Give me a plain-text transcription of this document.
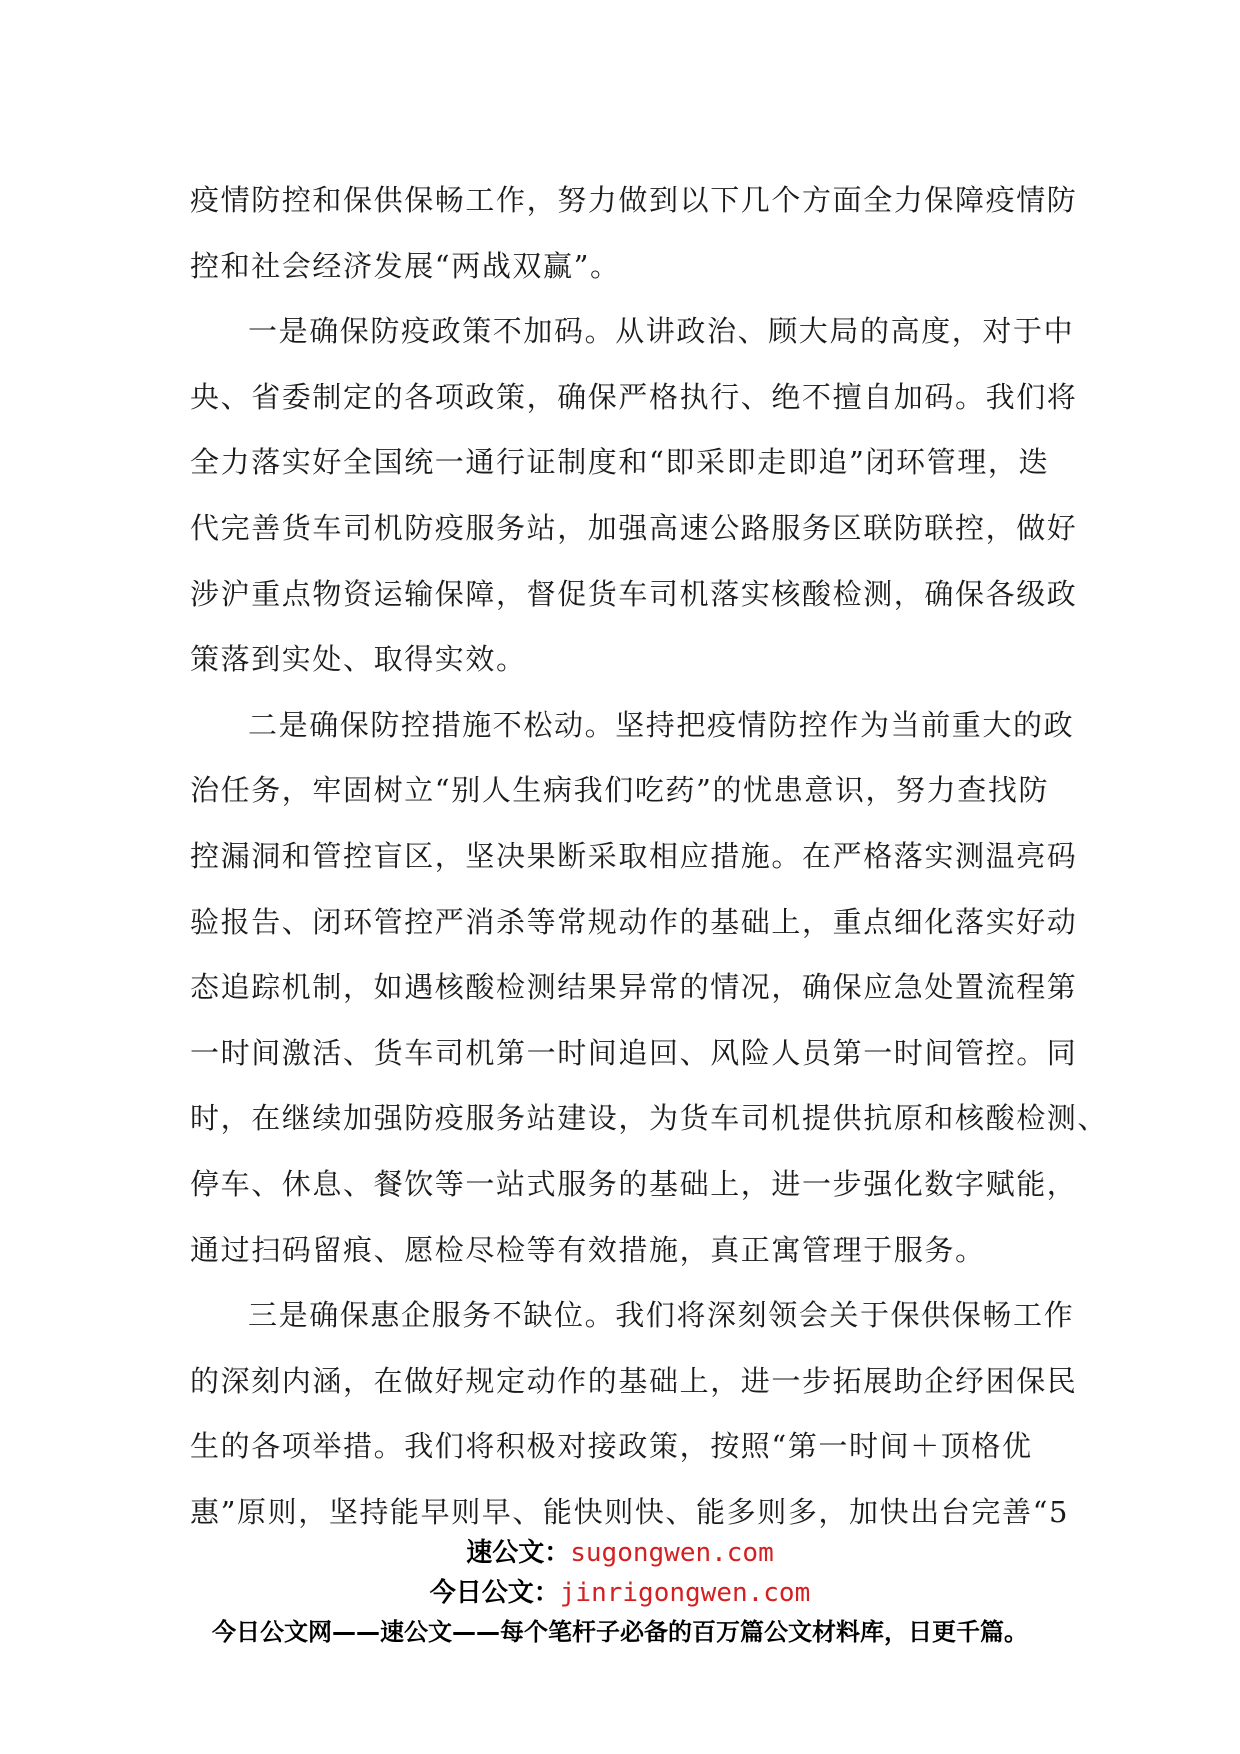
疫情防控和保供保畅工作，努力做到以下几个方面全力保障疫情防
控和社会经济发展“两战双赢”。
一是确保防疫政策不加码。从讲政治、顾大局的高度，对于中
央、省委制定的各项政策，确保严格执行、绝不擅自加码。我们将
全力落实好全国统一通行证制度和“即采即走即追”闭环管理，迭
代完善货车司机防疫服务站，加强高速公路服务区联防联控，做好
涉沪重点物资运输保障，督促货车司机落实核酸检测，确保各级政
策落到实处、取得实效。
二是确保防控措施不松动。坚持把疫情防控作为当前重大的政
治任务，牢固树立“别人生病我们吃药”的忧患意识，努力查找防
控漏洞和管控盲区，坚决果断采取相应措施。在严格落实测温亮码
验报告、闭环管控严消杀等常规动作的基础上，重点细化落实好动
态追踪机制，如遇核酸检测结果异常的情况，确保应急处置流程第
一时间激活、货车司机第一时间追回、风险人员第一时间管控。同
时，在继续加强防疫服务站建设，为货车司机提供抗原和核酸检测、
停车、休息、餐饮等一站式服务的基础上，进一步强化数字赋能，
通过扫码留痕、愿检尽检等有效措施，真正寓管理于服务。
三是确保惠企服务不缺位。我们将深刻领会关于保供保畅工作
的深刻内涵，在做好规定动作的基础上，进一步拓展助企纾困保民
生的各项举措。我们将积极对接政策，按照“第一时间＋顶格优
惠”原则，坚持能早则早、能快则快、能多则多，加快出台完善“5
速公文：sugongwen.com
今日公文：jinrigongwen.com
今日公文网——速公文——每个笔杆子必备的百万篇公文材料库，日更千篇。
